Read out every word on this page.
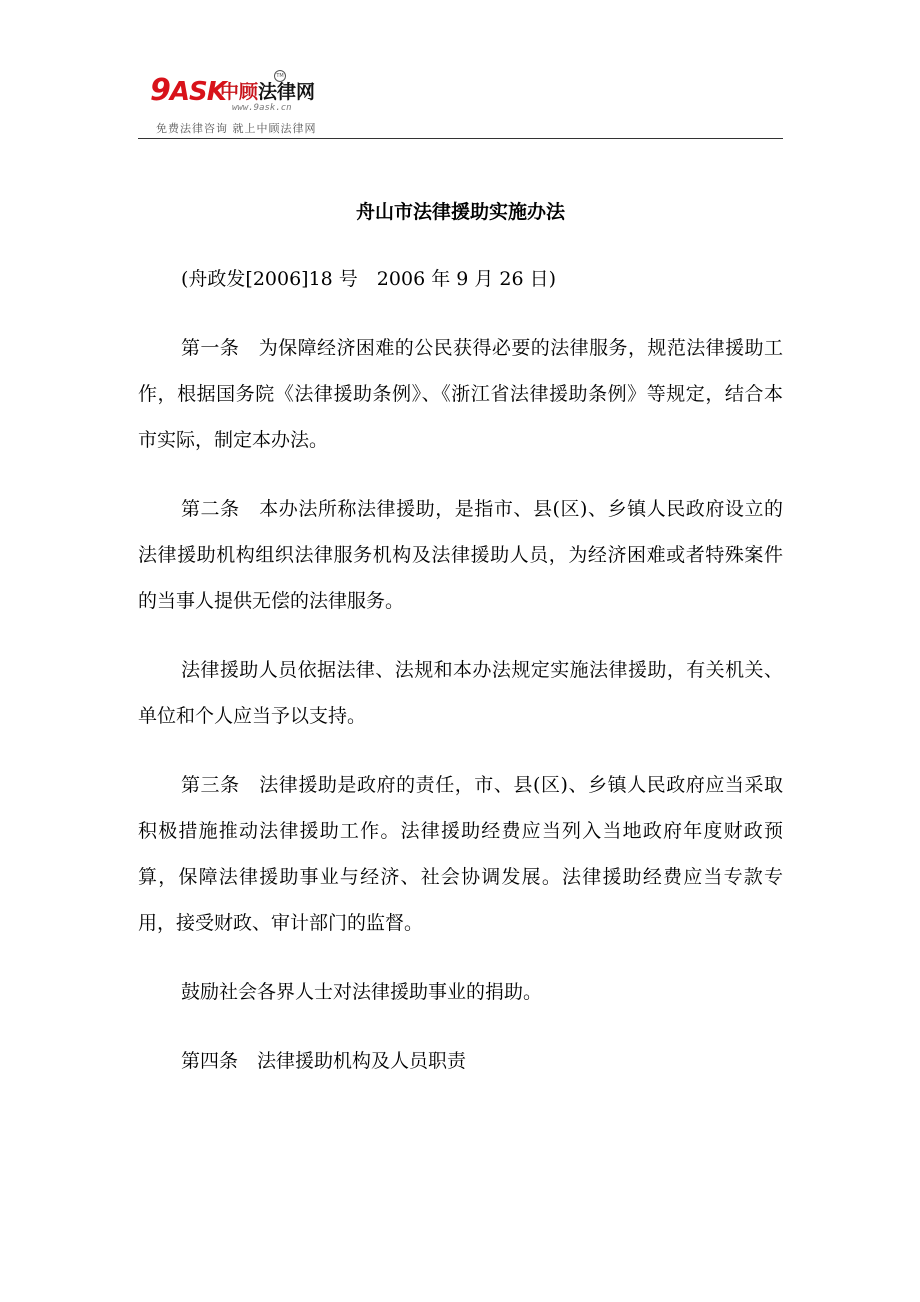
9ASK
中顾法律网
TM
www.9ask.cn
免费法律咨询 就上中顾法律网
舟山市法律援助实施办法

(舟政发[2006]18 号　2006 年 9 月 26 日)

第一条　为保障经济困难的公民获得必要的法律服务，规范法律援助工作，根据国务院《法律援助条例》、《浙江省法律援助条例》等规定，结合本市实际，制定本办法。

第二条　本办法所称法律援助，是指市、县(区)、乡镇人民政府设立的法律援助机构组织法律服务机构及法律援助人员，为经济困难或者特殊案件的当事人提供无偿的法律服务。

法律援助人员依据法律、法规和本办法规定实施法律援助，有关机关、单位和个人应当予以支持。

第三条　法律援助是政府的责任，市、县(区)、乡镇人民政府应当采取积极措施推动法律援助工作。法律援助经费应当列入当地政府年度财政预算，保障法律援助事业与经济、社会协调发展。法律援助经费应当专款专用，接受财政、审计部门的监督。

鼓励社会各界人士对法律援助事业的捐助。

第四条　法律援助机构及人员职责
